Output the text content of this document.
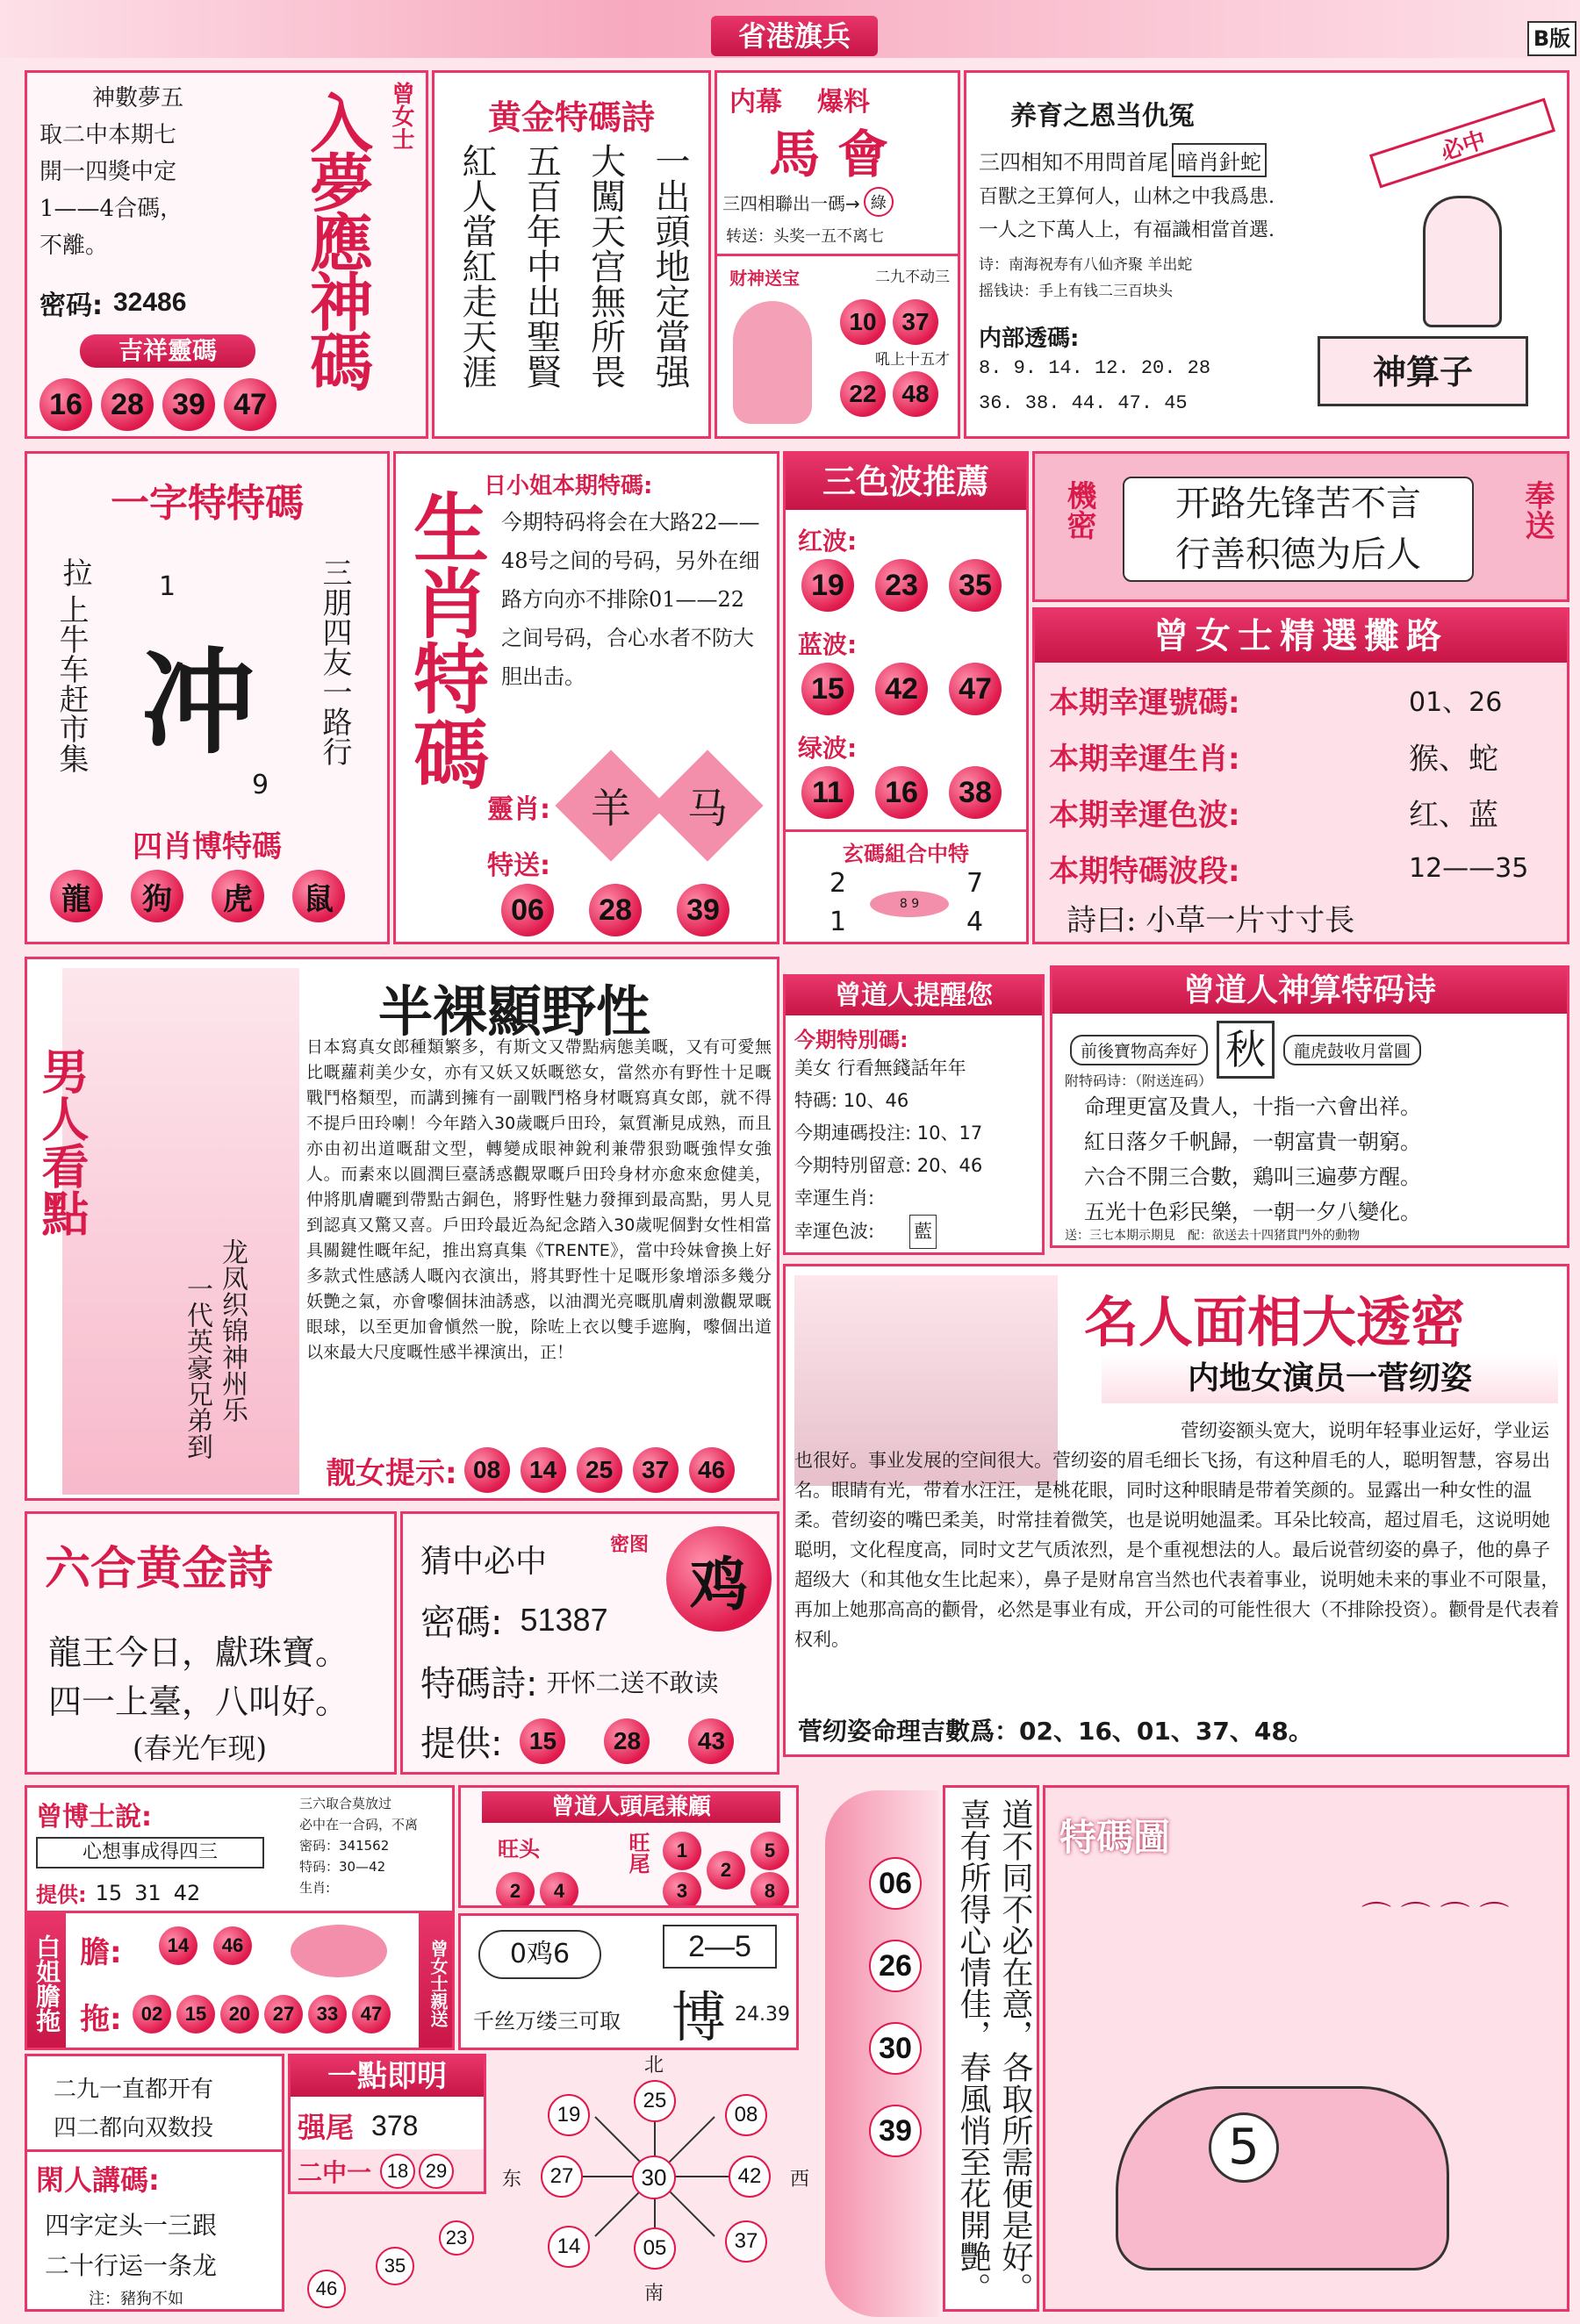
省港旗兵	B版
神數夢五
取二中本期七
開一四獎中定
1——4合碼，
不離。
密码: 32486
吉祥靈碼
16 28 39 47
入夢應神碼 曾女士	黄金特碼詩
紅人當紅走天涯 五百年中出聖賢 大闖天宫無所畏 一出頭地定當强
内幕 爆料
馬會
三四相聯出一碼→ 綠
转送：头奖一五不离七
财神送宝	二九不动三
吼上十五才
10	37
22	48
养育之恩当仇冤
三四相知不用問首尾 暗肖針蛇
百獸之王算何人，山林之中我爲患.
一人之下萬人上，有福識相當首選.
诗：南海祝寿有八仙齐聚 羊出蛇
摇钱诀：手上有钱二三百块头
内部透碼:
8. 9. 14. 12. 20. 28
36. 38. 44. 47. 45
必中
神算子
一字特特碼
拉
上牛车赶市集
1
冲
9
三朋四友一路行
四肖博特碼
龍	狗	虎	鼠
日小姐本期特碼:
今期特码将会在大路22——48号之间的号码，另外在细路方向亦不排除01——22之间号码，合心水者不防大胆出击。
生肖特碼
靈肖: 羊 马
特送:
06	28	39
三色波推薦
红波:
19	23	35
蓝波:
15	42	47
绿波:
11	16	38
玄碼組合中特
2	7
1	4
8 9
機密	奉送
开路先锋苦不言
行善积德为后人
曾女士精選攤路
本期幸運號碼:	01、26
本期幸運生肖:	猴、蛇
本期幸運色波:	红、蓝
本期特碼波段:	12——35
詩曰: 小草一片寸寸長
半裸顯野性
日本寫真女郎種類繁多，有斯文又帶點病態美嘅，又有可愛無比嘅蘿莉美少女，亦有又妖又妖嘅慾女，當然亦有野性十足嘅戰鬥格類型，而講到擁有一副戰鬥格身材嘅寫真女郎，就不得不提戶田玲喇！今年踏入30歲嘅戶田玲，氣質漸見成熟，而且亦由初出道嘅甜文型，轉變成眼神銳利兼帶狠勁嘅強悍女強人。而素來以圓潤巨臺誘惑觀眾嘅戶田玲身材亦愈來愈健美，仲將肌膚曬到帶點古銅色，將野性魅力發揮到最高點，男人見到認真又驚又喜。戶田玲最近為紀念踏入30歲呢個對女性相當具關鍵性嘅年紀，推出寫真集《TRENTE》，當中玲妹會換上好多款式性感誘人嘅內衣演出，將其野性十足嘅形象增添多幾分妖艷之氣，亦會嚟個抹油誘惑，以油潤光亮嘅肌膚刺激觀眾嘅眼球，以至更加會愼然一脫，除咗上衣以雙手遮胸，嚟個出道以來最大尺度嘅性感半裸演出，正！
男人看點
龙凤织锦神州乐
一代英豪兄弟到
靓女提示: 08	14	25	37	46
曾道人提醒您
今期特別碼:
美女 行看無錢話年年
特碼: 10、46
今期連碼投注: 10、17
今期特別留意: 20、46
幸運生肖:
幸運色波: 藍
曾道人神算特码诗
前後寶物高奔好 秋	龍虎鼓收月當圓
附特码诗：（附送连码）
命理更富及貴人，十指一六會出祥。
紅日落夕千帆歸，一朝富貴一朝窮。
六合不開三合數，鶏叫三遍夢方醒。
五光十色彩民樂，一朝一夕八變化。
送：三七本期示期見　配：欲送去十四猪貫門外的動物
名人面相大透密
内地女演员一菅纫姿
菅纫姿额头宽大，说明年轻事业运好，学业运也很好。事业发展的空间很大。菅纫姿的眉毛细长飞扬，有这种眉毛的人，聪明智慧，容易出名。眼睛有光，带着水汪汪，是桃花眼，同时这种眼睛是带着笑颜的。显露出一种女性的温柔。菅纫姿的嘴巴柔美，时常挂着微笑，也是说明她温柔。耳朵比较高，超过眉毛，这说明她聪明，文化程度高，同时文艺气质浓烈，是个重视想法的人。最后说菅纫姿的鼻子，他的鼻子超级大（和其他女生比起来），鼻子是财帛宫当然也代表着事业，说明她未来的事业不可限量，再加上她那高高的颧骨，必然是事业有成，开公司的可能性很大（不排除投资）。颧骨是代表着权利。
菅纫姿命理吉數爲：02、16、01、37、48。
六合黄金詩
龍王今日，獻珠寶。
四一上臺，八叫好。
(春光乍现)
猜中必中	密图
鸡
密碼: 51387
特碼詩: 开怀二送不敢读
提供:	15	28	43
曾博士說:	三六取合莫放过
必中在一合码，不离
密码：341562
特码：30—42
生肖:
心想事成得四三
提供: 15 31 42
白姐膽拖 膽:	14	46
拖:	02	15	20	27	33	47	曾女士親送
曾道人頭尾兼顧
旺头
2	4
旺尾	1
2
3
5
8
0鸡6	2—5
千丝万缕三可取 博 24.39
二九一直都开有
四二都向双数投
閑人講碼:
四字定头一三跟
二十行运一条龙
注：豬狗不如
一點即明
强尾 378
二中一 18 29
23
46
35
北
南
东	西
30
19
25
08
27	42
14	05	37
06
26
30
39	喜有所得心情佳，春風悄至花開艷。 道不同不必在意，各取所需便是好。 特碼圖
5
⌒ ⌒ ⌒ ⌒
